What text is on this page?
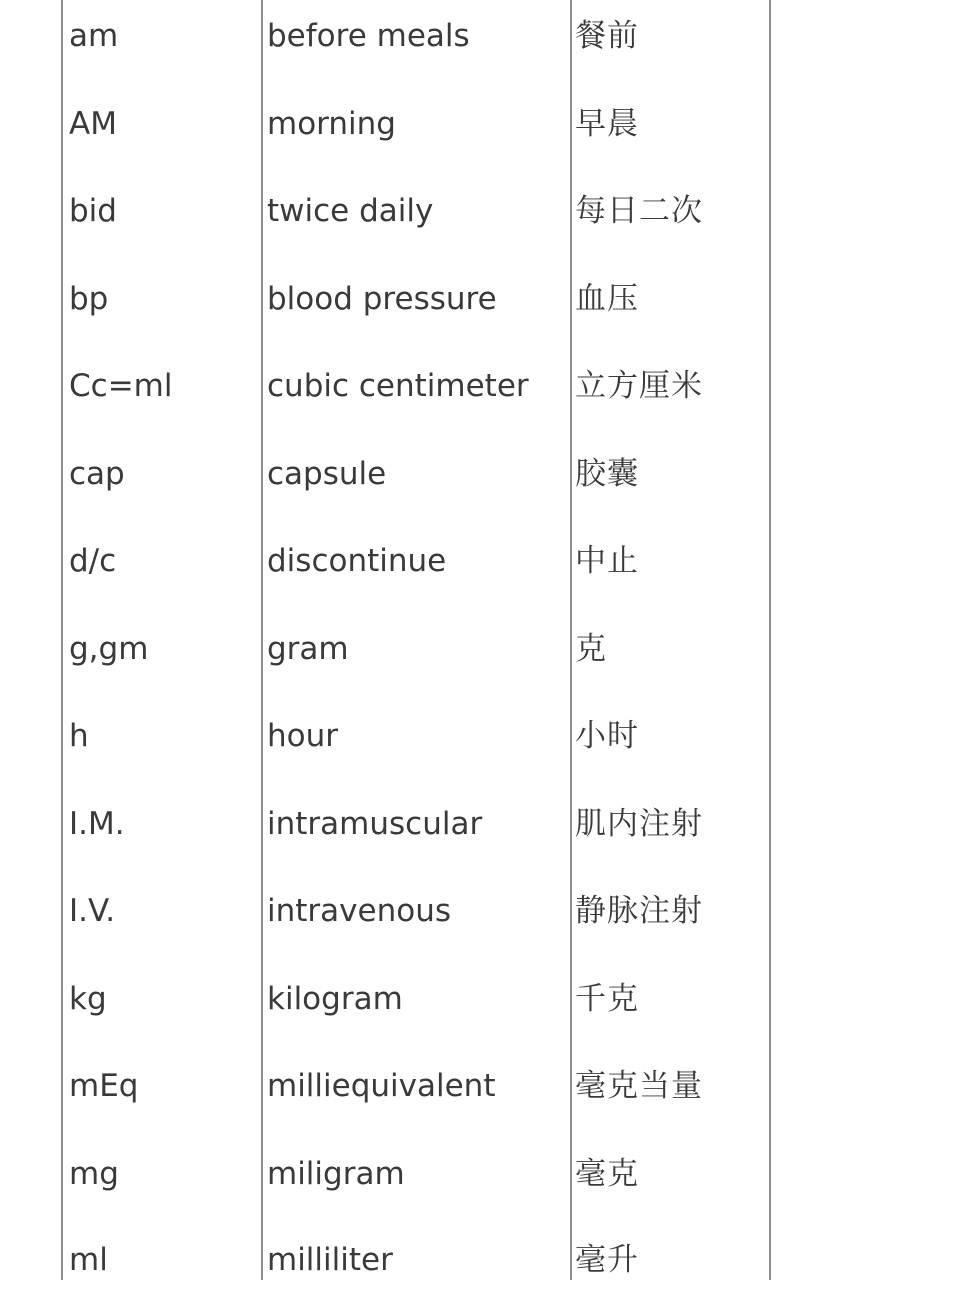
am	before meals	餐前
AM	morning	早晨
bid	twice daily	每日二次
bp	blood pressure	血压
Cc=ml	cubic centimeter 立方厘米
cap	capsule	胶囊
d/c	discontinue	中止
g,gm	gram	克
h	hour	小时
I.M.	intramuscular	肌内注射
I.V.	intravenous	静脉注射
kg	kilogram	千克
mEq	milliequivalent	毫克当量
mg	miligram	毫克
ml	milliliter	毫升
